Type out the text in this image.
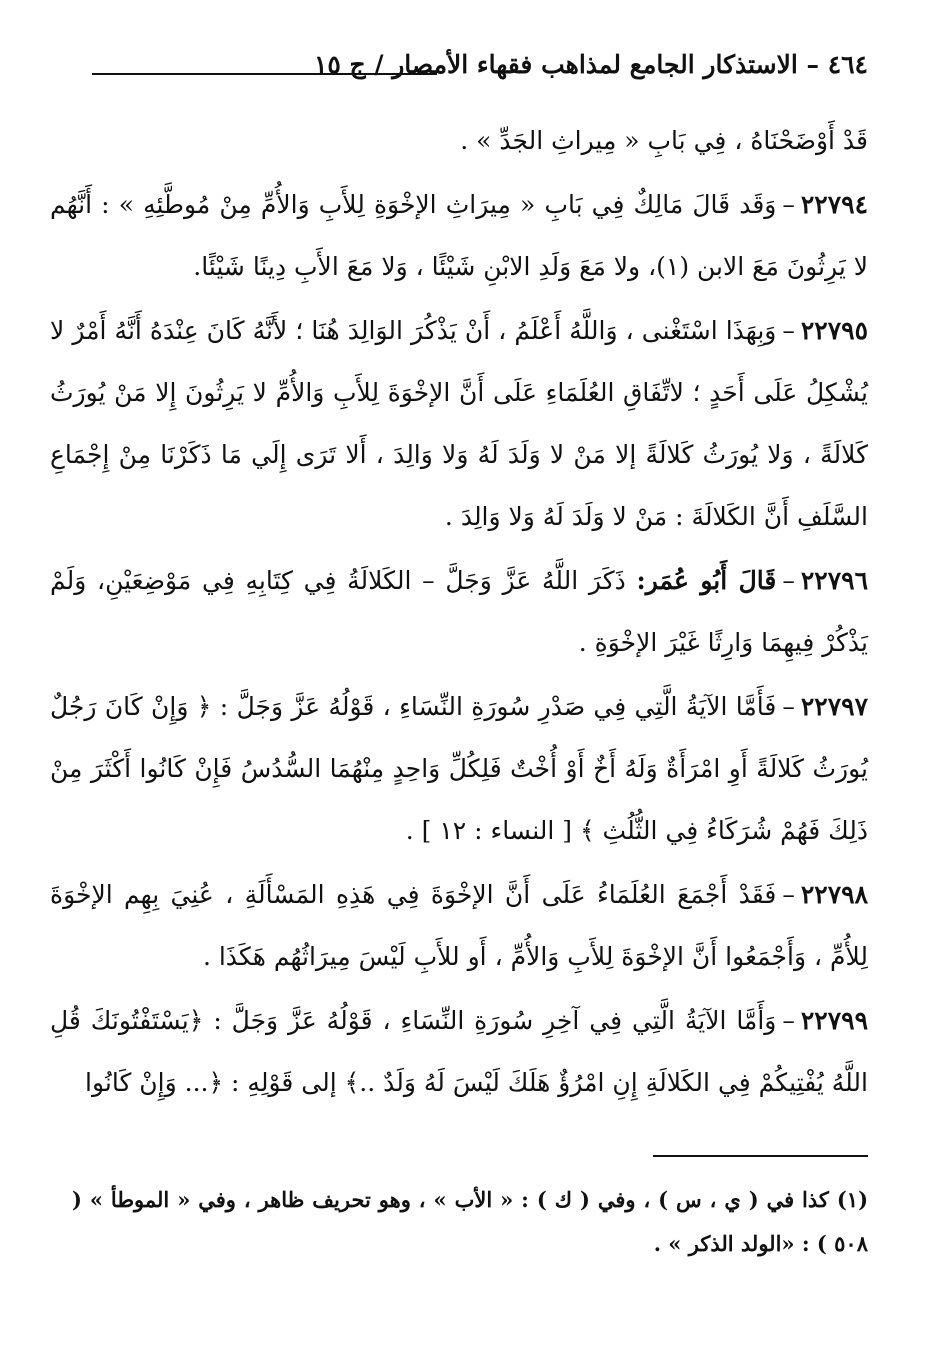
٤٦٤ – الاستذكار الجامع لمذاهب فقهاء الأمصار / ج ١٥

قَدْ أَوْضَحْنَاهُ ، فِي بَابِ « مِيراثِ الجَدِّ » .

٢٢٧٩٤–وَقَد قَالَ مَالِكٌ فِي بَابِ « مِيرَاثِ الإخْوَةِ لِلأَبِ وَالأُمِّ مِنْ مُوطَّئِهِ » : أَنَّهُم لا يَرِثُونَ مَعَ الابن (١)، ولا مَعَ وَلَدِ الابْنِ شَيْئًا ، وَلا مَعَ الأَبِ دِينًا شَيْئًا.

٢٢٧٩٥–وَبِهَذَا اسْتَغْنى ، وَاللَّهُ أَعْلَمُ ، أَنْ يَذْكُرَ الوَالِدَ هُنَا ؛ لأَنَّهُ كَانَ عِنْدَهُ أَنَّهُ أَمْرٌ لا يُشْكِلُ عَلَى أَحَدٍ ؛ لاتِّفَاقِ العُلَمَاءِ عَلَى أَنَّ الإخْوَةَ لِلأَبِ وَالأُمِّ لا يَرِثُونَ إِلا مَنْ يُورَثُ كَلالَةً ، وَلا يُورَثُ كَلالَةً إلا مَنْ لا وَلَدَ لَهُ وَلا وَالِدَ ، أَلا تَرَى إِلَي مَا ذَكَرْنَا مِنْ إِجْمَاعِ السَّلَفِ أَنَّ الكَلالَةَ : مَنْ لا وَلَدَ لَهُ وَلا وَالِدَ .

٢٢٧٩٦–قَالَ أَبُو عُمَر: ذَكَرَ اللَّهُ عَزَّ وَجَلَّ – الكَلالَةُ فِي كِتَابِهِ فِي مَوْضِعَيْنِ، وَلَمْ يَذْكُرْ فِيهِمَا وَارِثًا غَيْرَ الإخْوَةِ .

٢٢٧٩٧–فَأَمَّا الآيَةُ الَّتِي فِي صَدْرِ سُورَةِ النِّسَاءِ ، قَوْلُهُ عَزَّ وَجَلَّ : ﴿ وَإِنْ كَانَ رَجُلٌ يُورَثُ كَلالَةً أَوِ امْرَأَةٌ وَلَهُ أَخٌ أَوْ أُخْتٌ فَلِكُلِّ وَاحِدٍ مِنْهُمَا السُّدُسُ فَإِنْ كَانُوا أَكْثَرَ مِنْ ذَلِكَ فَهُمْ شُرَكَاءُ فِي الثُّلُثِ ﴾ [ النساء : ١٢ ] .

٢٢٧٩٨–فَقَدْ أَجْمَعَ العُلَمَاءُ عَلَى أَنَّ الإخْوَةَ فِي هَذِهِ المَسْأَلَةِ ، عُنِيَ بِهِم الإخْوَةَ لِلأُمِّ ، وَأَجْمَعُوا أَنَّ الإخْوَةَ لِلأَبِ وَالأُمِّ ، أَو للأَبِ لَيْسَ مِيرَاثُهُم هَكَذَا .

٢٢٧٩٩–وَأَمَّا الآيَةُ الَّتِي فِي آخِرِ سُورَةِ النِّسَاءِ ، قَوْلُهُ عَزَّ وَجَلَّ : ﴿يَسْتَفْتُونَكَ قُلِ اللَّهُ يُفْتِيكُمْ فِي الكَلالَةِ إِنِ امْرُؤٌ هَلَكَ لَيْسَ لَهُ وَلَدٌ ..﴾ إلى قَوْلِهِ : ﴿... وَإِنْ كَانُوا

(١) كذا في ( ي ، س ) ، وفي ( ك ) : « الأب » ، وهو تحريف ظاهر ، وفي « الموطأ » ( ٥٠٨ ) : «الولد الذكر » .
